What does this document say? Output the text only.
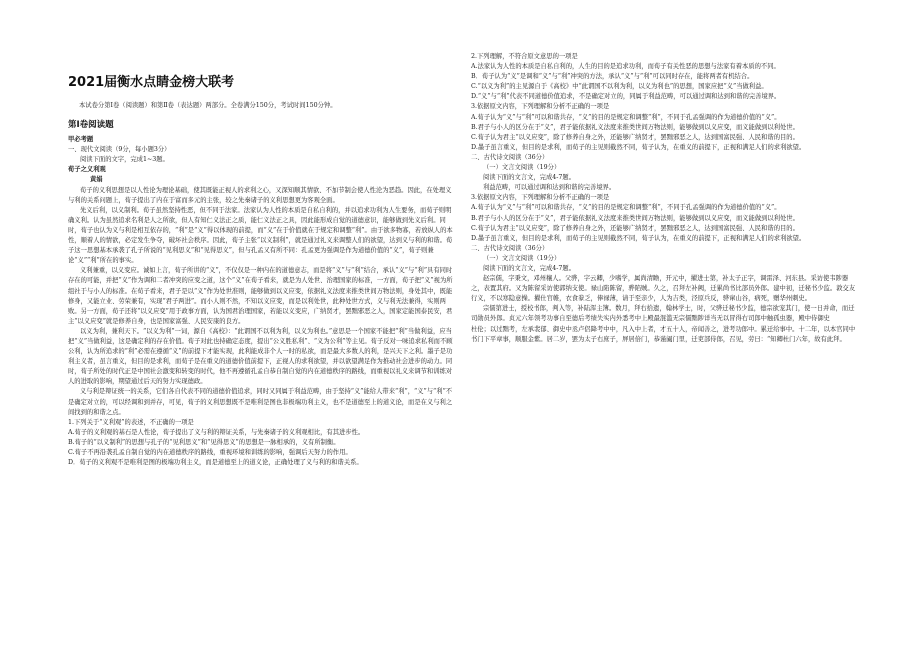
2021届衡水点睛金榜大联考

本试卷分第Ⅰ卷（阅读题）和第Ⅱ卷（表达题）两部分。全卷满分150分，考试时间150分钟。

第Ⅰ卷阅读题

甲必考题

一、现代文阅读（9分，每小题3分）

阅读下面的文字，完成1~3题。

荀子之义利观

黄娟

荀子的义利思想是以人性论为理论基础，使其既能正视人的求利之心，又深知顺其情欲、不加节制会使人性沦为恶趋。因此，在处理义与利的关系问题上，荀子提出了内在于富而多元的主张，较之先秦诸子的义利思想更为客观全面。

先义后利，以义制利。荀子虽然坚持性恶，但不同于法家。法家认为人性的本质是自私自利的，并以追求功利为人生要务，而荀子则明确义利。认为虽然追求名利是人之所欲，但人有知仁义法正之质，能仁义法正之具，因此能形成自觉的道德意识，能够做到先义后利。同时，荀子也认为义与利是相互依存的，“利”是“义”得以体现的前提，而“义”在于价值就在于规定和调整“利”。由于欲多物寡，若放纵人的本性，顺着人的情欲，必定发生争夺，破坏社会秩序。因此，荀子主张“以义制利”，就是通过礼义来调整人们的欲望，达到义与利的和谐。荀子这一思想基本承袭了孔子所说的“见利思义”和“见得思义”，但与孔孟又有所不同：孔孟更为强调是作为道德价值的“义”，荀子则兼论“义”“利”所在的事实。

义利兼重，以义变应。诚如上言，荀子所讲的“义”，不仅仅是一种内在的道德意志，而是将“义”与“利”结合，承认“义”与“利”具有同时存在的可能，并把“义”作为调和二者冲突的应变之道，这个“义”在荀子看来，就是为人处世、治理国家的标准，一方面，荀子把“义”视为所组社于与小人的标准。在荀子看来，君子是以“义”作为处世准则，能够做到以义应变，依据礼义法度来推类世间万物法则，身处其中，既能修身，又能立业、劳荣兼有，实现“君子两进”。而小人则不然，不知以义应变，而是以利处世，此种处世方式，义与利无法兼得，实则两败。另一方面，荀子还将“以义应变”用于政事方面，认为国君治理国家，若能以义变应，广纳贤才，罢黜邪恶之人，国家定能国泰民安，君主“以义应变”就是修养自身，也是国家富强、人民安康的良方。

以义为利，兼利天下。“以义为利”一词，源自《高校》：“此谓国不以利为利，以义为利也。”意思是一个国家不能把“利”当做利益，应当把“义”当做利益，这是确定利的存在价值。荀子对此也持确定态度，提出“公义胜私利”、“义为公利”等主见。荀子反对一味追求私利而不顾公利，认为所追求的“利”必需在遵循“义”的前提下才能实现，此利能成非个人一时的私欲，而是最大多数人的利，是兴天下之利。墨子是功利主义者，虽言重义，但目的是求利，而荀子是在重义的道德价值前提下，正视人的求利欲望，并以欲望满足作为推动社会进步的动力。同时，荀子所处的时代正是中国社会激变和转变的时代，他不再遵循孔孟自恭自制自觉的内在道德秩序的路线，而重视以礼义来调节和训练对人的进取的影响，期望通过后天的努力实现德政。

义与利是辩证统一的关系，它们各自代表不同的道德价值追求，同时又同属于利益范畴，由于坚持“义”能给人带来“利”，“义”与“利”不是确定对立的，可以经调和到并存，可见，荀子的义利思想既不是唯利是图也非极端功利主义，也不是道德至上的道义论，而是在义与利之间找到的和谐之点。

1.下列关于“义利观”的表述，不正确的一项是

A.荀子的义利观的基石是人性论，荀子提出了义与利的辩证关系，与先秦诸子的义利观相比，有其进步性。

B.荀子的“以义制利”的思想与孔子的“见利思义”和“见得思义”的思想是一脉相承的，义有所制衡。

C.荀子不再沿袭孔孟自制自觉的内在道德秩序的路线，重视环境和训练的影响，强调后天努力的作用。

D．荀子的义利观不是唯利是图的极端功利主义，而是道德至上的道义论，正确处理了义与利的和谐关系。

2.下列理解，不符合原文意思的一项是

A.法家认为人性的本质是自私自利的，人生的目的是追求功利，而荀子有关性恶的思想与法家有着本质的不同。

B．荀子认为“义”是调和“义”与“利”冲突的方法，承认“义”与“利”可以同时存在，能将两者有机结合。

C.“以义为利”的主见源自于《高校》中“此谓国不以利为利，以义为利也”的思想，国家应把“义”当做利益。

D.“义”与“利”代表不同道德价值追求，不是确定对立的，同属于利益范畴，可以通过调和达到和谐的完善境界。

3.依据原文内容，下列理解和分析不正确的一项是

A.荀子认为“义”与“利”可以和谐共存，“义”的目的是规定和调整“利”，不同于孔孟强调的作为道德价值的“义”。

B.君子与小人的区分在于“义”，君子能依据礼义法度来推类世间万物法则，能够做到以义应变，而义能做到以利处世。

C.荀子认为君主“以义应变”，除了修养自身之外，还能够广纳贤才，罢黜邪恶之人，达到国富民强、人民和谐的目的。

D.墨子虽言重义，但目的是求利，而荀子的主见则截然不同，荀子认为，在重义的前提下，正视和满足人们的求利欲望。

二、古代诗文阅读（36分）

（一）文言文阅读（19分）

阅读下面的文言文，完成4-7题。

利益范畴，可以通过调和达到和谐的完善境界。

3.依据原文内容，下列理解和分析不正确的一项是

A.荀子认为“义”与“利”可以和谐共存，“义”的目的是规定和调整“利”，不同于孔孟强调的作为道德价值的“义”。

B.君子与小人的区分在于“义”，君子能依据礼义法度来推类世间万物法则，能够做到以义应变，而义能做到以利处世。

C.荀子认为君主“以义应变”，除了修养自身之外，还能够广纳贤才，罢黜邪恶之人，达到国富民强、人民和谐的目的。

D.墨子虽言重义，但目的是求利，而荀子的主见则截然不同，荀子认为，在重义的前提下，正视和满足人们的求利欲望。

二、古代诗文阅读（36分）

（一）文言文阅读（19分）

阅读下面的文言文，完成4-7题。

赵宗儒，字秉文，邓州穰人。父骅，字云卿，少嗜学，属尚清瞻，开元中，擢进士第，补太子正字，调雷泽、河东县。采访使韦陟器之，表置其府。又为陈留采访使郭纳支使。禄山陷陈留，骅陷贼。久之，召拜左补阙，迁累尚书比部员外郎。建中初，迁秘书少监。敦交友行义，不以寒隐意操。擢仕官帷，衣食豢乏，俸禄薄，请于至亲少，人为吉类，泾原兵反，骅窜山谷，病死，赠华州刺史。

宗儒第进士，授校书郎，判入等，补陆浑主簿。数月，拜右拾遗，翰林学士，时，父骅迁秘书少监，德宗欲宠其门，使一日并命，而迁司勋员外郎。贞元六年领考功事自至德后考绩失实内外悉考中上殿最混滥无宗儒黜陟详当无以冒得右司郎中触孤虫器，殿中侍御史

杜伦；以过黜考，左承裴郁、御史中丞卢侶降考中中，凡入中上者，才五十人，帝闻善之，进考功郎中。累迁给事中。十二年，以本官同中书门下平章事，顺服金紫。居二岁，罢为太子右庶子，屏居倍门，恭谨阖门里，迁吏部侍郎，召见，劳曰：“知卿杜门六年，故有此拜。
